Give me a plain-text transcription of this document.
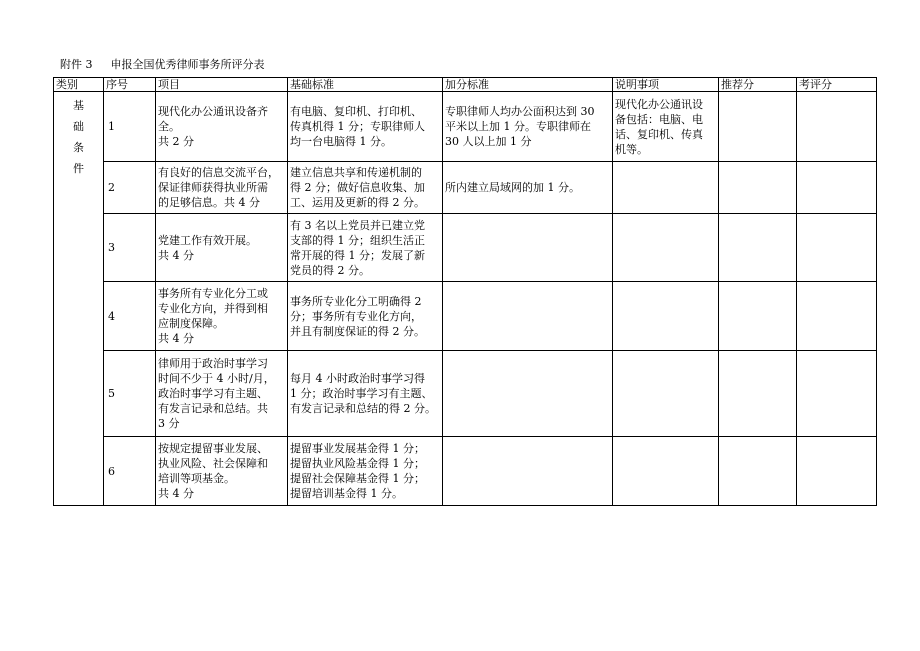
附件 3 申报全国优秀律师事务所评分表
类别	序号	项目	基础标准	加分标准	说明事项	推荐分	考评分
基
础
条
件	1	现代化办公通讯设备齐
全。
共 2 分	有电脑、复印机、打印机、
传真机得 1 分；专职律师人
均一台电脑得 1 分。	专职律师人均办公面积达到 30
平米以上加 1 分。专职律师在
30 人以上加 1 分	现代化办公通讯设
备包括：电脑、电
话、复印机、传真
机等。		
	2	有良好的信息交流平台，
保证律师获得执业所需
的足够信息。共 4 分	建立信息共享和传递机制的
得 2 分；做好信息收集、加
工、运用及更新的得 2 分。	所内建立局域网的加 1 分。			
	3	党建工作有效开展。
共 4 分	有 3 名以上党员并已建立党
支部的得 1 分；组织生活正
常开展的得 1 分；发展了新
党员的得 2 分。				
	4	事务所有专业化分工或
专业化方向，并得到相
应制度保障。
共 4 分	事务所专业化分工明确得 2
分；事务所有专业化方向，
并且有制度保证的得 2 分。				
	5	律师用于政治时事学习
时间不少于 4 小时/月，
政治时事学习有主题、
有发言记录和总结。共
3 分	每月 4 小时政治时事学习得
1 分；政治时事学习有主题、
有发言记录和总结的得 2 分。				
	6	按规定提留事业发展、
执业风险、社会保障和
培训等项基金。
共 4 分	提留事业发展基金得 1 分；
提留执业风险基金得 1 分；
提留社会保障基金得 1 分；
提留培训基金得 1 分。				
